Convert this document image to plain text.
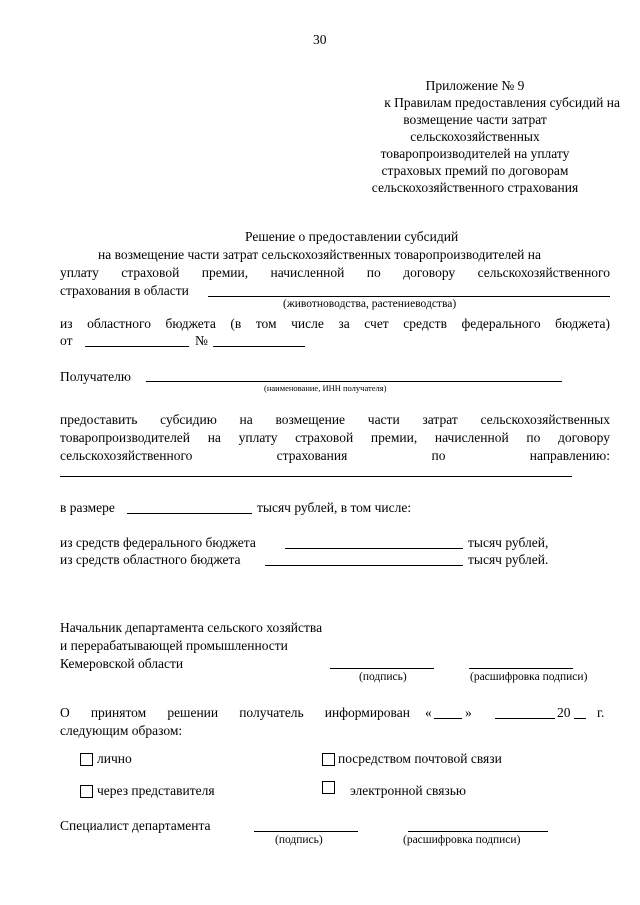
30
Приложение № 9
к Правилам предоставления субсидий на
возмещение части затрат
сельскохозяйственных
товаропроизводителей на уплату
страховых премий по договорам
сельскохозяйственного страхования
Решение о предоставлении субсидий
на возмещение части затрат сельскохозяйственных товаропроизводителей на
уплату страховой премии, начисленной по договору сельскохозяйственного
страхования в области
(животноводства, растениеводства)
из областного бюджета (в том числе за счет средств федерального бюджета)
от	№
Получателю
(наименование, ИНН получателя)
предоставить субсидию на возмещение части затрат сельскохозяйственных
товаропроизводителей на уплату страховой премии, начисленной по договору
сельскохозяйственного	страхования	по	направлению:
в размере	тысяч рублей, в том числе:
из средств федерального бюджета	тысяч рублей,
из средств областного бюджета	тысяч рублей.
Начальник департамента сельского хозяйства
и перерабатывающей промышленности
Кемеровской области
(подпись)	(расшифровка подписи)
О принятом решении получатель информирован « »	20 г.
следующим образом:
лично	посредством почтовой связи
через представителя	электронной связью
Специалист департамента
(подпись)	(расшифровка подписи)
